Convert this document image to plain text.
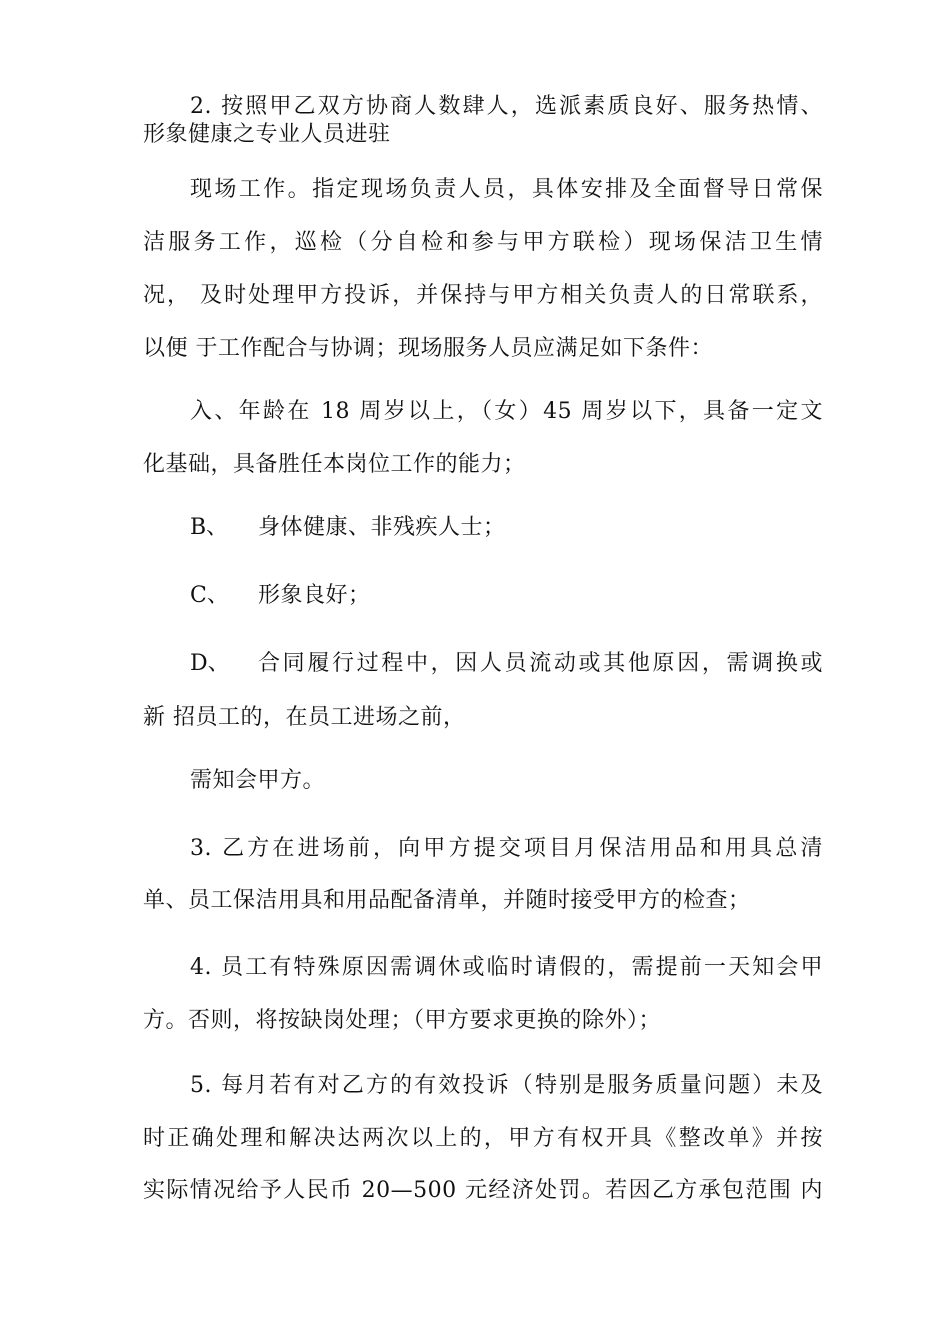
2. 按照甲乙双方协商人数肆人，选派素质良好、服务热情、
形象健康之专业人员进驻
现场工作。指定现场负责人员，具体安排及全面督导日常保
洁服务工作，巡检（分自检和参与甲方联检）现场保洁卫生情
况， 及时处理甲方投诉，并保持与甲方相关负责人的日常联系，
以便 于工作配合与协调；现场服务人员应满足如下条件：
入、年龄在 18 周岁以上，（女）45 周岁以下，具备一定文
化基础，具备胜任本岗位工作的能力；
B、 身体健康、非残疾人士；
C、 形象良好；
D、 合同履行过程中，因人员流动或其他原因，需调换或
新 招员工的，在员工进场之前，
需知会甲方。
3. 乙方在进场前，向甲方提交项目月保洁用品和用具总清
单、员工保洁用具和用品配备清单，并随时接受甲方的检查；
4. 员工有特殊原因需调休或临时请假的，需提前一天知会甲
方。否则，将按缺岗处理；（甲方要求更换的除外）；
5. 每月若有对乙方的有效投诉（特别是服务质量问题）未及
时正确处理和解决达两次以上的，甲方有权开具《整改单》并按
实际情况给予人民币 20—500 元经济处罚。若因乙方承包范围 内
